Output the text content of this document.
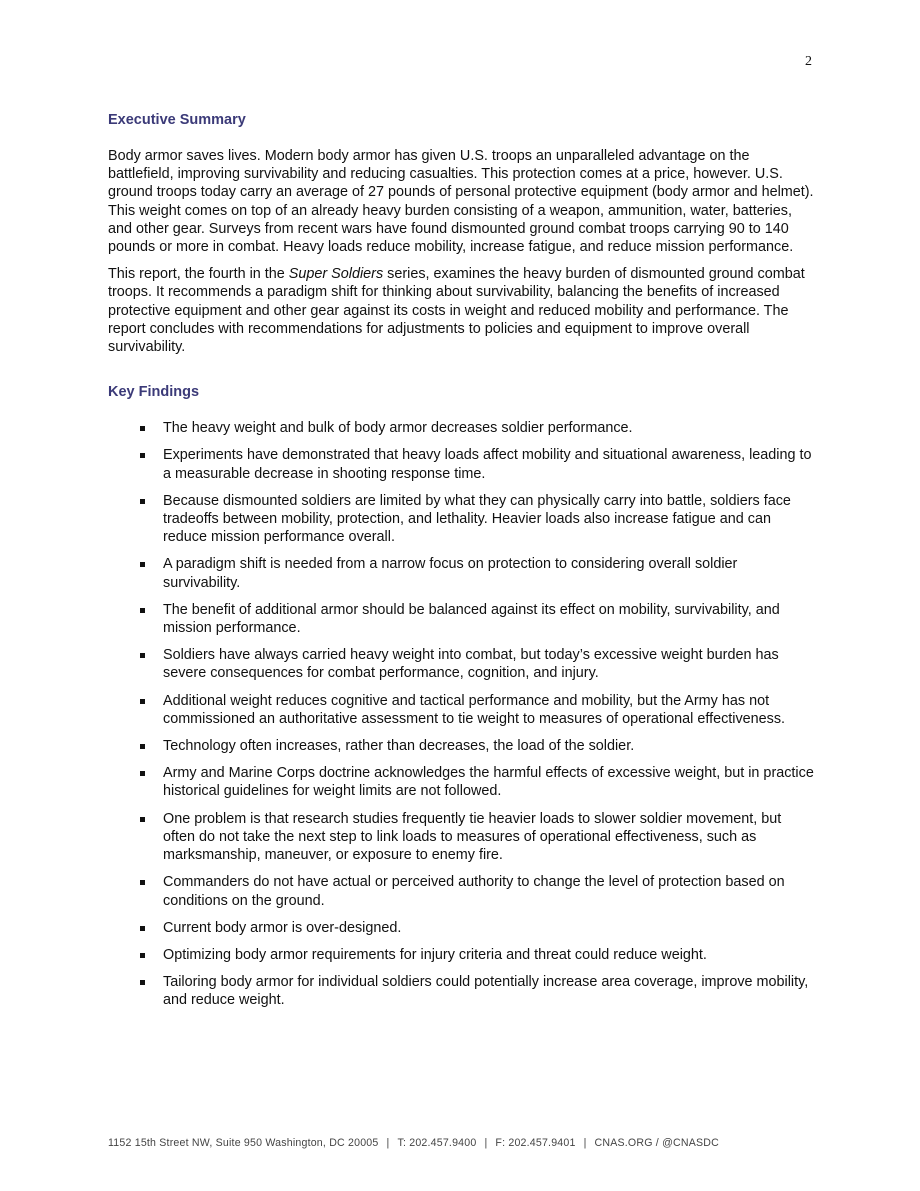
2
Executive Summary

Body armor saves lives. Modern body armor has given U.S. troops an unparalleled advantage on the battlefield, improving survivability and reducing casualties. This protection comes at a price, however. U.S. ground troops today carry an average of 27 pounds of personal protective equipment (body armor and helmet). This weight comes on top of an already heavy burden consisting of a weapon, ammunition, water, batteries, and other gear. Surveys from recent wars have found dismounted ground combat troops carrying 90 to 140 pounds or more in combat. Heavy loads reduce mobility, increase fatigue, and reduce mission performance.

This report, the fourth in the Super Soldiers series, examines the heavy burden of dismounted ground combat troops. It recommends a paradigm shift for thinking about survivability, balancing the benefits of increased protective equipment and other gear against its costs in weight and reduced mobility and performance. The report concludes with recommendations for adjustments to policies and equipment to improve overall survivability.

Key Findings
The heavy weight and bulk of body armor decreases soldier performance.
Experiments have demonstrated that heavy loads affect mobility and situational awareness, leading to a measurable decrease in shooting response time.
Because dismounted soldiers are limited by what they can physically carry into battle, soldiers face tradeoffs between mobility, protection, and lethality. Heavier loads also increase fatigue and can reduce mission performance overall.
A paradigm shift is needed from a narrow focus on protection to considering overall soldier survivability.
The benefit of additional armor should be balanced against its effect on mobility, survivability, and mission performance.
Soldiers have always carried heavy weight into combat, but today’s excessive weight burden has severe consequences for combat performance, cognition, and injury.
Additional weight reduces cognitive and tactical performance and mobility, but the Army has not commissioned an authoritative assessment to tie weight to measures of operational effectiveness.
Technology often increases, rather than decreases, the load of the soldier.
Army and Marine Corps doctrine acknowledges the harmful effects of excessive weight, but in practice historical guidelines for weight limits are not followed.
One problem is that research studies frequently tie heavier loads to slower soldier movement, but often do not take the next step to link loads to measures of operational effectiveness, such as marksmanship, maneuver, or exposure to enemy fire.
Commanders do not have actual or perceived authority to change the level of protection based on conditions on the ground.
Current body armor is over-designed.
Optimizing body armor requirements for injury criteria and threat could reduce weight.
Tailoring body armor for individual soldiers could potentially increase area coverage, improve mobility, and reduce weight.
1152 15th Street NW, Suite 950 Washington, DC 20005 | T: 202.457.9400 | F: 202.457.9401 | CNAS.ORG / @CNASDC
